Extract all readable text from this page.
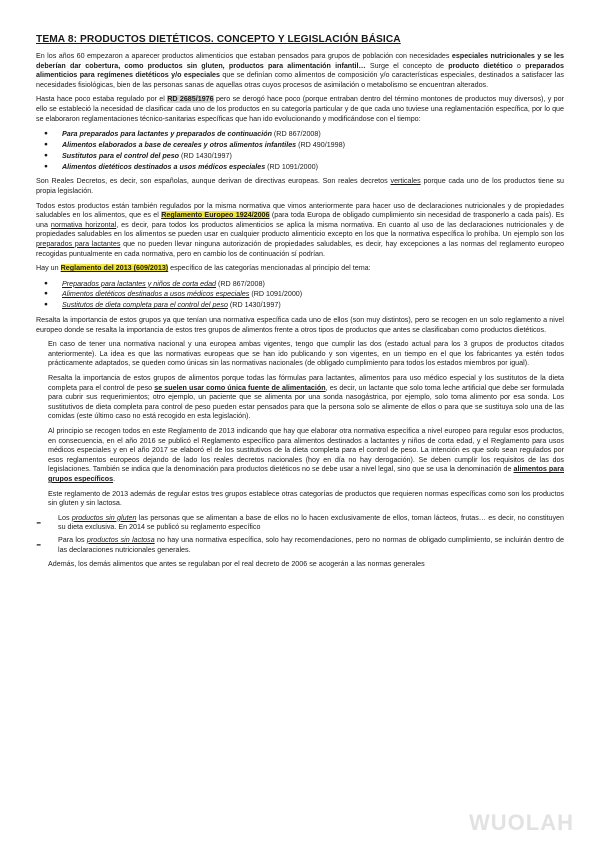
TEMA 8: PRODUCTOS DIETÉTICOS. CONCEPTO Y LEGISLACIÓN BÁSICA

En los años 60 empezaron a aparecer productos alimenticios que estaban pensados para grupos de población con necesidades especiales nutricionales y se les deberían dar cobertura, como productos sin gluten, productos para alimentación infantil… Surge el concepto de producto dietético o preparados alimenticios para regímenes dietéticos y/o especiales que se definían como alimentos de composición y/o características especiales, destinados a satisfacer las necesidades fisiológicas, bien de las personas sanas de aquellas otras cuyos procesos de asimilación o metabolismo se encuentran alterados.

Hasta hace poco estaba regulado por el RD 2685/1976 pero se derogó hace poco (porque entraban dentro del término montones de productos muy diversos), y por ello se estableció la necesidad de clasificar cada uno de los productos en su categoría particular y de que cada uno tuviese una reglamentación específica, por lo que se elaboraron reglamentaciones técnico-sanitarias específicas que han ido evolucionando y modificándose con el tiempo:

● Para preparados para lactantes y preparados de continuación (RD 867/2008)
● Alimentos elaborados a base de cereales y otros alimentos infantiles (RD 490/1998)
● Sustitutos para el control del peso (RD 1430/1997)
● Alimentos dietéticos destinados a usos médicos especiales (RD 1091/2000)

Son Reales Decretos, es decir, son españolas, aunque derivan de directivas europeas. Son reales decretos verticales porque cada uno de los productos tiene su propia legislación.

Todos estos productos están también regulados por la misma normativa que vimos anteriormente para hacer uso de declaraciones nutricionales y de propiedades saludables en los alimentos, que es el Reglamento Europeo 1924/2006 (para toda Europa de obligado cumplimiento sin necesidad de trasponerlo a cada país). Es una normativa horizontal, es decir, para todos los productos alimenticios se aplica la misma normativa. En cuanto al uso de las declaraciones nutricionales y de propiedades saludables en los alimentos se pueden usar en cualquier producto alimenticio excepto en los que la normativa específica lo prohíba. Un ejemplo son los preparados para lactantes que no pueden llevar ninguna autorización de propiedades saludables, es decir, hay excepciones a las normas del reglamento europeo recogidas puntualmente en cada normativa, pero en cambio los de continuación sí podrían.

Hay un Reglamento del 2013 (609/2013) específico de las categorías mencionadas al principio del tema:

● Preparados para lactantes y niños de corta edad (RD 867/2008)
● Alimentos dietéticos destinados a usos médicos especiales (RD 1091/2000)
● Sustitutos de dieta completa para el control del peso (RD 1430/1997)

Resalta la importancia de estos grupos ya que tenían una normativa específica cada uno de ellos (son muy distintos), pero se recogen en un solo reglamento a nivel europeo donde se resalta la importancia de estos tres grupos de alimentos frente a otros tipos de productos que antes se clasificaban como productos dietéticos.

En caso de tener una normativa nacional y una europea ambas vigentes, tengo que cumplir las dos (estado actual para los 3 grupos de productos citados anteriormente). La idea es que las normativas europeas que se han ido publicando y son vigentes, en un tiempo en el que los fabricantes ya estén todos prácticamente adaptados, se queden como únicas sin las normativas nacionales (de obligado cumplimiento para todos los estados miembros por igual).

Resalta la importancia de estos grupos de alimentos porque todas las fórmulas para lactantes, alimentos para uso médico especial y los sustitutos de la dieta completa para el control de peso se suelen usar como única fuente de alimentación, es decir, un lactante que solo toma leche artificial que debe ser formulada para cubrir sus requerimientos; otro ejemplo, un paciente que se alimenta por una sonda nasogástrica, por ejemplo, solo toma alimento por esa sonda. Los sustitutivos de dieta completa para control de peso pueden estar pensados para que la persona solo se alimente de ellos o para que se sustituya solo una de las comidas (este último caso no está recogido en esta legislación).

Al principio se recogen todos en este Reglamento de 2013 indicando que hay que elaborar otra normativa específica a nivel europeo para regular esos productos, en consecuencia, en el año 2016 se publicó el Reglamento específico para alimentos destinados a lactantes y niños de corta edad, y el Reglamento para usos médicos especiales y en el año 2017 se elaboró el de los sustitutivos de la dieta completa para el control de peso. La intención es que solo sean regulados por esos reglamentos europeos dejando de lado los reales decretos nacionales (hoy en día no hay derogación). Se deben cumplir los requisitos de las dos legislaciones. También se indica que la denominación para productos dietéticos no se debe usar a nivel legal, sino que se usa la denominación de alimentos para grupos específicos.

Este reglamento de 2013 además de regular estos tres grupos establece otras categorías de productos que requieren normas específicas como son los productos sin gluten y sin lactosa.

-	Los productos sin gluten las personas que se alimentan a base de ellos no lo hacen exclusivamente de ellos, toman lácteos, frutas… es decir, no constituyen su dieta exclusiva. En 2014 se publicó su reglamento específico

-	Para los productos sin lactosa no hay una normativa específica, solo hay recomendaciones, pero no normas de obligado cumplimiento, se incluirán dentro de las declaraciones nutricionales generales.

Además, los demás alimentos que antes se regulaban por el real decreto de 2006 se acogerán a las normas generales

WUOLAH
